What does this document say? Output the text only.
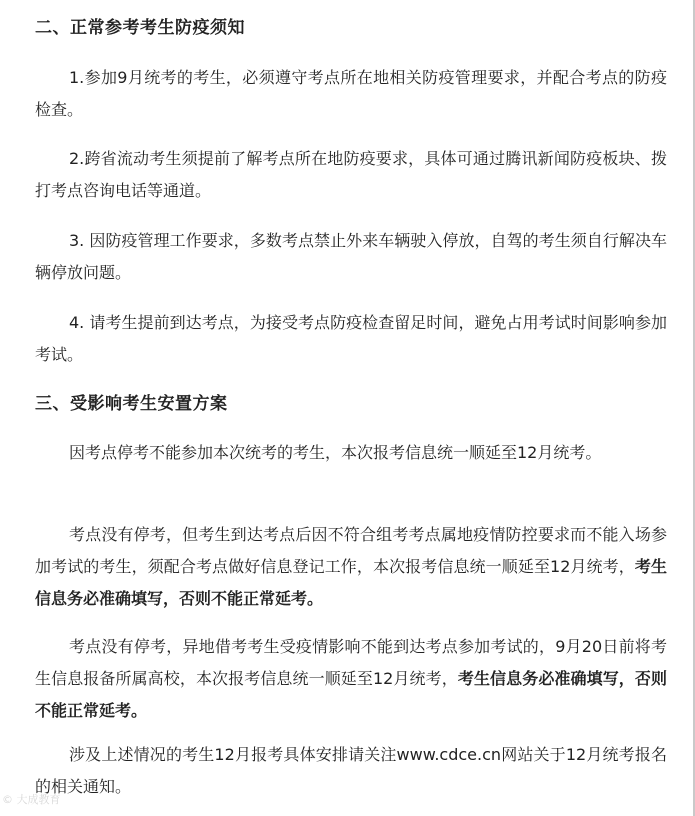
二、正常参考考生防疫须知
1.参加9月统考的考生，必须遵守考点所在地相关防疫管理要求，并配合考点的防疫检查。
2.跨省流动考生须提前了解考点所在地防疫要求，具体可通过腾讯新闻防疫板块、拨打考点咨询电话等通道。
3. 因防疫管理工作要求，多数考点禁止外来车辆驶入停放，自驾的考生须自行解决车辆停放问题。
4. 请考生提前到达考点，为接受考点防疫检查留足时间，避免占用考试时间影响参加考试。
三、受影响考生安置方案
因考点停考不能参加本次统考的考生，本次报考信息统一顺延至12月统考。
考点没有停考，但考生到达考点后因不符合组考考点属地疫情防控要求而不能入场参加考试的考生，须配合考点做好信息登记工作，本次报考信息统一顺延至12月统考，考生信息务必准确填写，否则不能正常延考。
考点没有停考，异地借考考生受疫情影响不能到达考点参加考试的，9月20日前将考生信息报备所属高校，本次报考信息统一顺延至12月统考，考生信息务必准确填写，否则不能正常延考。
涉及上述情况的考生12月报考具体安排请关注www.cdce.cn网站关于12月统考报名的相关通知。
© 大成教育
